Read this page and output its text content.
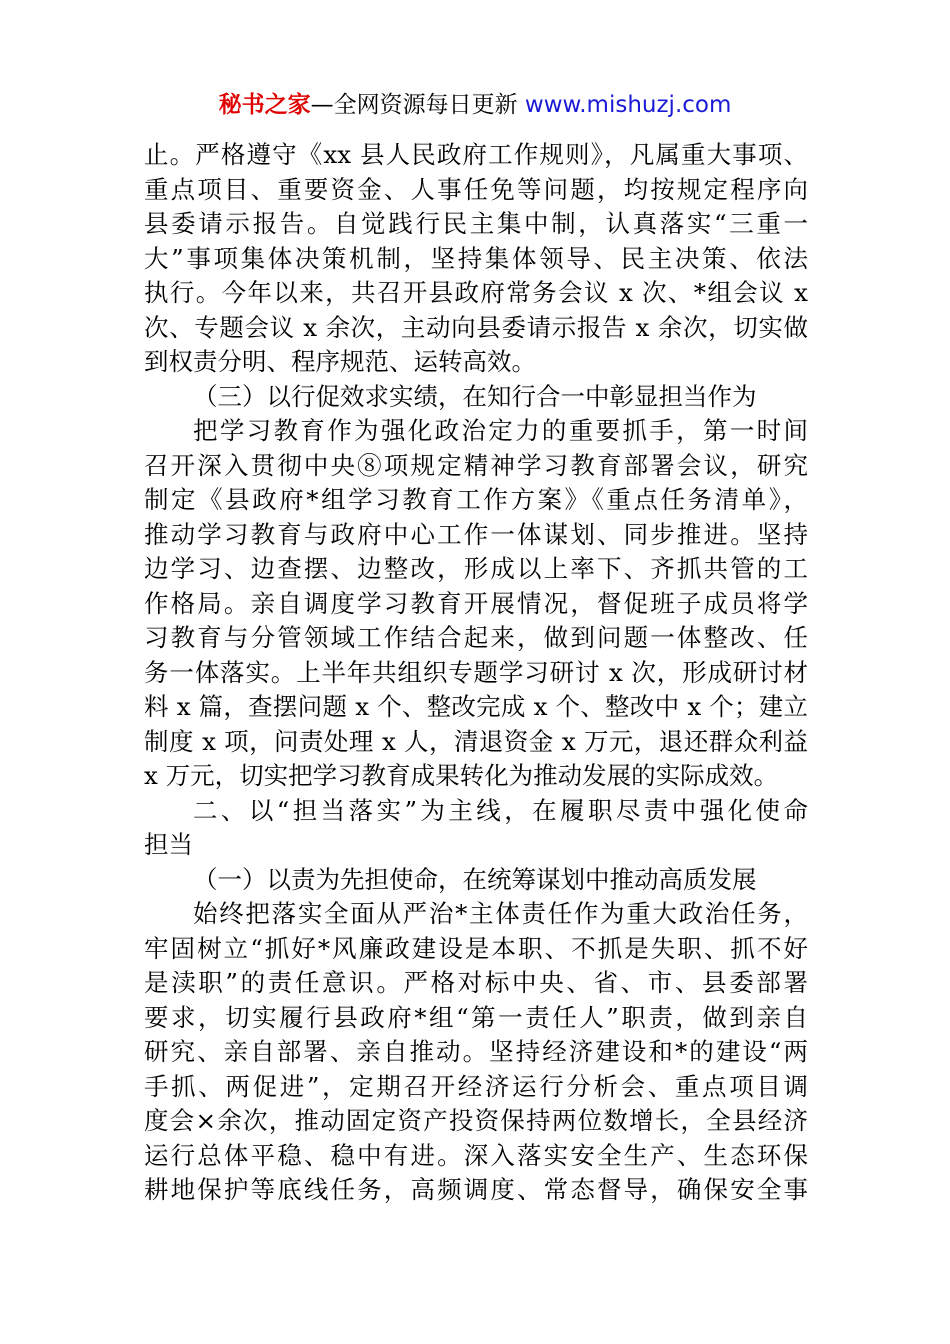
秘书之家—全网资源每日更新 www.mishuzj.com
止。严格遵守《xx 县人民政府工作规则》，凡属重大事项、
重点项目、重要资金、人事任免等问题，均按规定程序向
县委请示报告。自觉践行民主集中制，认真落实“三重一
大”事项集体决策机制，坚持集体领导、民主决策、依法
执行。今年以来，共召开县政府常务会议 x 次、*组会议 x
次、专题会议 x 余次，主动向县委请示报告 x 余次，切实做
到权责分明、程序规范、运转高效。
（三）以行促效求实绩，在知行合一中彰显担当作为
把学习教育作为强化政治定力的重要抓手，第一时间
召开深入贯彻中央⑧项规定精神学习教育部署会议，研究
制定《县政府*组学习教育工作方案》《重点任务清单》，
推动学习教育与政府中心工作一体谋划、同步推进。坚持
边学习、边查摆、边整改，形成以上率下、齐抓共管的工
作格局。亲自调度学习教育开展情况，督促班子成员将学
习教育与分管领域工作结合起来，做到问题一体整改、任
务一体落实。上半年共组织专题学习研讨 x 次，形成研讨材
料 x 篇，查摆问题 x 个、整改完成 x 个、整改中 x 个；建立
制度 x 项，问责处理 x 人，清退资金 x 万元，退还群众利益
x 万元，切实把学习教育成果转化为推动发展的实际成效。
二、以“担当落实”为主线，在履职尽责中强化使命
担当
（一）以责为先担使命，在统筹谋划中推动高质发展
始终把落实全面从严治*主体责任作为重大政治任务，
牢固树立“抓好*风廉政建设是本职、不抓是失职、抓不好
是渎职”的责任意识。严格对标中央、省、市、县委部署
要求，切实履行县政府*组“第一责任人”职责，做到亲自
研究、亲自部署、亲自推动。坚持经济建设和*的建设“两
手抓、两促进”，定期召开经济运行分析会、重点项目调
度会×余次，推动固定资产投资保持两位数增长，全县经济
运行总体平稳、稳中有进。深入落实安全生产、生态环保
耕地保护等底线任务，高频调度、常态督导，确保安全事
